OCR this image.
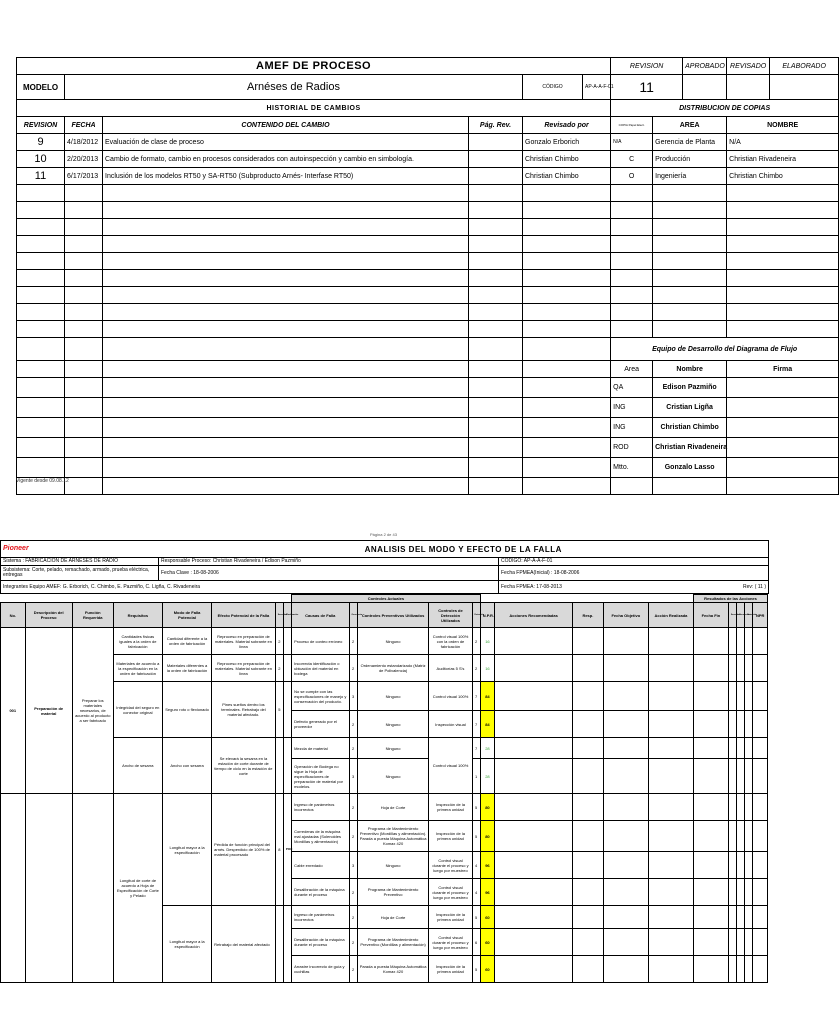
AMEF DE PROCESO						REVISION		APROBADO	REVISADO	ELABORADO
MODELO	Arnéses de Radios			CÓDIGO	AP-A-A-F-01	11				
HISTORIAL DE CAMBIOS						DISTRIBUCION DE COPIAS				
REVISION	FECHA	CONTENIDO DEL CAMBIO	Pág. Rev.	Revisado por		COPIA Papel Elect.	AREA		NOMBRE	
9	4/18/2012	Evaluación de clase de proceso		Gonzalo Erborich		N/A	Gerencia de Planta		N/A	
10	2/20/2013	Cambio de formato, cambio en procesos considerados con autoinspección y cambio en simbología.		Christian Chimbo		C	Producción		Christian Rivadeneira	
11	6/17/2013	Inclusión de los modelos RT50 y SA-RT50 (Subproducto Arnés- Interfase RT50)		Christian Chimbo		O	Ingeniería		Christian Chimbo	

						Equipo de Desarrollo del Diagrama de Flujo				
						Area	Nombre		Firma	
						QA	Edison Pazmiño			
						ING	Cristian Ligña			
						ING	Christian Chimbo			
						ROD	Christian Rivadeneira			
						Mtto.	Gonzalo Lasso			

Vigente desde 09.08.12
Página 2 de 43
Pioneer	ANALISIS DEL MODO Y EFECTO DE LA FALLA	
Sistema : FABRICACION DE ARNESES DE RADIO	Responsable Proceso: Christian Rivadeneira / Edison Pazmiño	CODIGO: AP-A-A-F-01
Subsistema: Corte, pelado, remachado, armado, prueba eléctrica, entregas	Fecha Clave : 18-08-2006	Fecha FPMEA(Inicial) : 18-08-2006
Integrantes Equipo AMEF: G. Erborich, C. Chimbo, E. Pazmiño, C. Ligña, C. Rivadeneira		Fecha FPMEA: 17-08-2013 Rev: ( 11 )
								Controles Actuales										Resultados de las Acciones				
No.	Descripción del Proceso	Función Requerida	Requisitos	Modo de Falla Potencial	Efecto Potencial de la Falla	Severidad	Clasificación	Causas de Falla	Ocurrencia	Controles Preventivos Utilizados	Controles de Detección Utilizados	Detección	N.P.R.	Acciones Recomendadas	Resp.	Fecha Objetivo	Acción Realizada	Fecha Fin	Severidad	Ocurrencia	Detección	NPR
001	Preparación de material	Preparar los materiales necesarios, de acuerdo al producto a ser fabricado	Cantidades físicas iguales a la orden de fabricación	Cantidad diferente a la orden de fabricación	Reproceso en preparación de materiales. Material sobrante en línea	2		Proceso de conteo erróneo	2	Ninguno	Control visual 100% con la orden de fabricación	2	16									
			Materiales de acuerdo a la especificación en la orden de fabricación	Materiales diferentes a la orden de fabricación	Reproceso en preparación de materiales. Material sobrante en línea	2		Incorrecta identificación o ubicación del material en bodega	2	Ordenamiento estandarizado (Matriz de Polivalencia)	Auditorías 5 S's	2	16									
			Integridad del seguro en conector original	Seguro roto o flexionado	Pines sueltos dentro los terminales. Retrabajo del material afectado.	5		No se cumple con las especificaciones de manejo y conservación del producto.	3	Ninguno	Control visual 100%	7	84									
								Defecto generado por el proveedor	2	Ninguno	Inspección visual	7	84									
			Ancho de sesarra	Ancho con sesarra	Se elevará la sesarra en la estación de corte durante de tiempo de ciclo en la estación de corte			Mezcla de material	2	Ninguno	Control visual 100%	7	28									
								Operación de Bodega no sigue la Hoja de especificaciones de preparación de material por modelos.	3	Ninguno		1	28									
			Longitud de corte de acuerdo a Hoja de Especificación de Corte y Pelado	Longitud mayor a la especificación	Pérdida de función principal del arnés. Desperdicio de 100% de material procesado	8	POC	Ingreso de parámetros incorrectos	2	Hoja de Corte	Inspección de la primera unidad	5	80									
								Correderas de la máquina mal ajustadas (Solenoides Mordillas y alimentación)	2	Programa de Mantenimiento Preventivo (Mordillas y alimentación). Parada a puesta Máquina Automática Komax 420	Inspección de la primera unidad	5	80									
								Cable enredado	3	Ninguno	Control visual durante el proceso y luego por muestreo	4	96									
								Desalibración de la máquina durante el proceso	2	Programa de Mantenimiento Preventivo	Control visual durante el proceso y luego por muestreo	4	96									
				Longitud mayor a la especificación	Retrabajo del material afectado			Ingreso de parámetros incorrectos	2	Hoja de Corte	Inspección de la primera unidad	5	60									
								Desalibración de la máquina durante el proceso	2	Programa de Mantenimiento Preventivo (Mordillas y alimentación)	Control visual durante el proceso y luego por muestreo	6	60									
								Arrastre incorrecto de guía y cuchillas	2	Parada a puesta Máquina Automática Komax 420	Inspección de la primera unidad	5	60									
